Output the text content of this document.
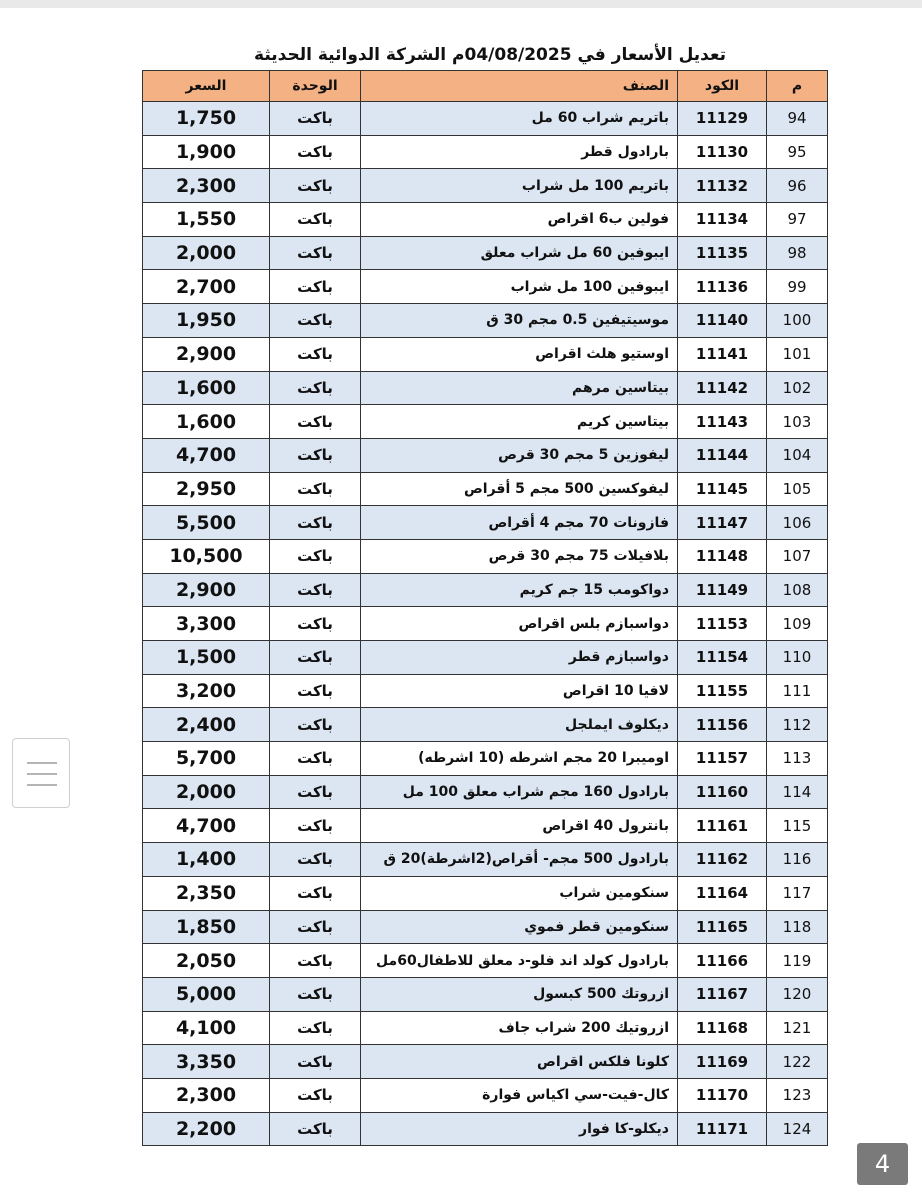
تعديل الأسعار في 04/08/2025م الشركة الدوائية الحديثة
م	الكود	الصنف	الوحدة	السعر
94	11129	باتريم شراب 60 مل	باكت	1,750
95	11130	بارادول قطر	باكت	1,900
96	11132	باتريم 100 مل شراب	باكت	2,300
97	11134	فولين ب6 اقراص	باكت	1,550
98	11135	ايبوفين 60 مل شراب معلق	باكت	2,000
99	11136	ايبوفين 100 مل شراب	باكت	2,700
100	11140	موسيتيفين 0.5 مجم 30 ق	باكت	1,950
101	11141	اوستيو هلث اقراص	باكت	2,900
102	11142	بيتاسين مرهم	باكت	1,600
103	11143	بيتاسين كريم	باكت	1,600
104	11144	ليفوزين 5 مجم 30 قرص	باكت	4,700
105	11145	ليفوكسين 500 مجم 5 أقراص	باكت	2,950
106	11147	فازونات 70 مجم 4 أقراص	باكت	5,500
107	11148	بلافيلات 75 مجم 30 قرص	باكت	10,500
108	11149	دواكومب 15 جم كريم	باكت	2,900
109	11153	دواسبازم بلس اقراص	باكت	3,300
110	11154	دواسبازم قطر	باكت	1,500
111	11155	لافيا 10 اقراص	باكت	3,200
112	11156	ديكلوف ايملجل	باكت	2,400
113	11157	اوميبرا 20 مجم اشرطه (10 اشرطه)	باكت	5,700
114	11160	بارادول 160 مجم شراب معلق 100 مل	باكت	2,000
115	11161	بانترول 40 اقراص	باكت	4,700
116	11162	بارادول 500 مجم- أقراص(2اشرطة)20 ق	باكت	1,400
117	11164	سنكومين شراب	باكت	2,350
118	11165	سنكومين قطر فموي	باكت	1,850
119	11166	بارادول كولد اند فلو-د معلق للاطفال60مل	باكت	2,050
120	11167	ازروتك 500 كبسول	باكت	5,000
121	11168	ازروتيك 200 شراب جاف	باكت	4,100
122	11169	كلونا فلكس اقراص	باكت	3,350
123	11170	كال-فيت-سي اكياس فوارة	باكت	2,300
124	11171	ديكلو-كا فوار	باكت	2,200
4
